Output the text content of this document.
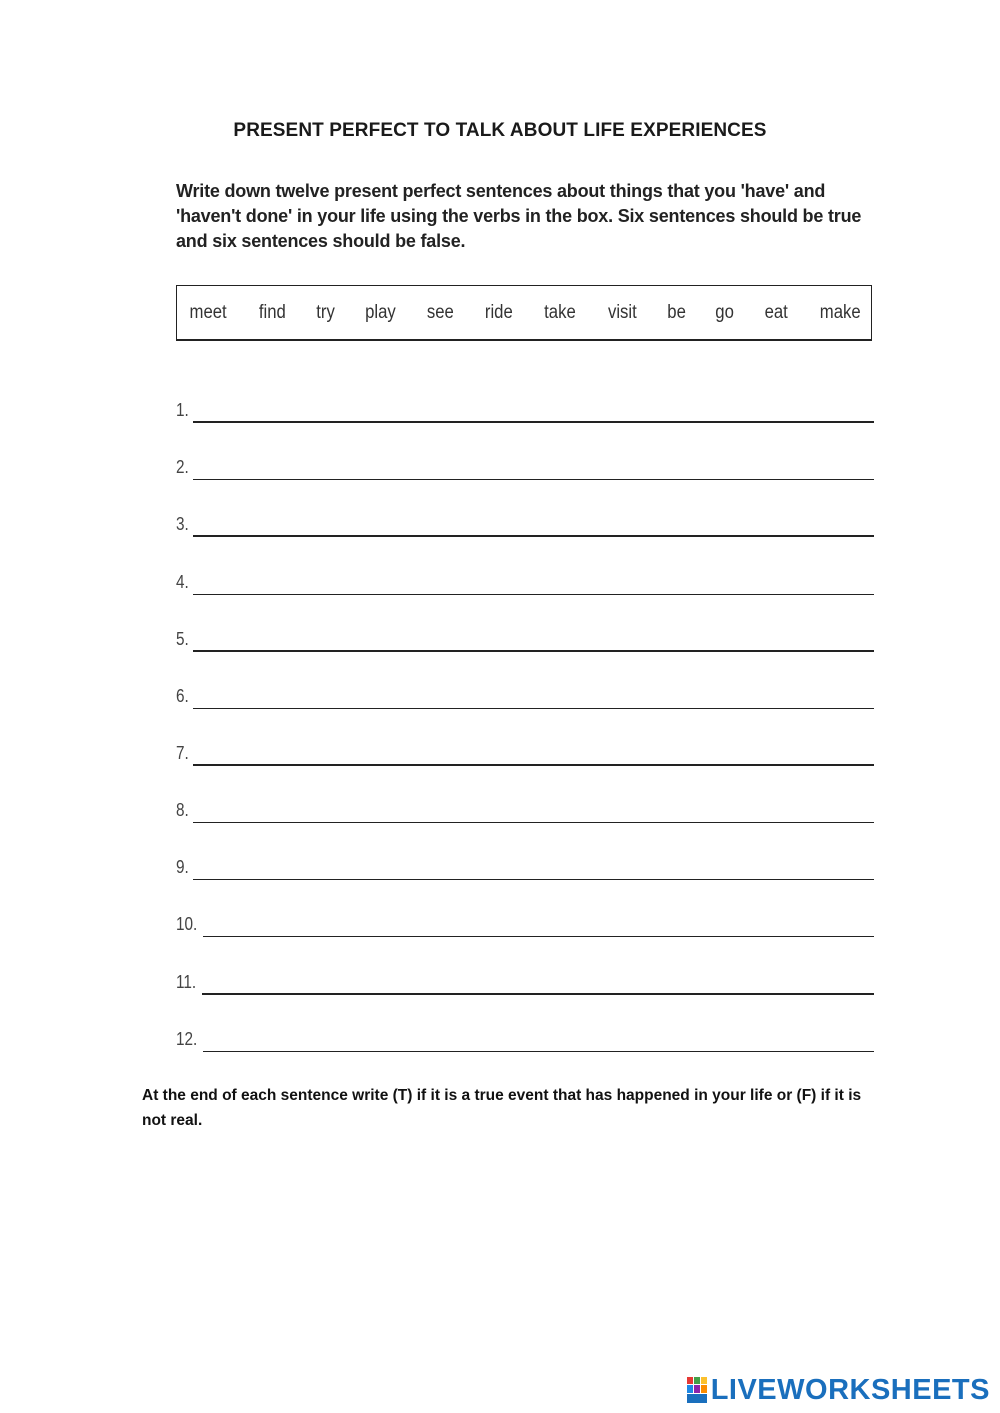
PRESENT PERFECT TO TALK ABOUT LIFE EXPERIENCES
Write down twelve present perfect sentences about things that you 'have' and 'haven't done' in your life using the verbs in the box. Six sentences should be true and six sentences should be false.
meet find try play see ride take visit be go eat make
1.
2.
3.
4.
5.
6.
7.
8.
9.
10.
11.
12.
At the end of each sentence write (T) if it is a true event that has happened in your life or (F) if it is not real.
LIVEWORKSHEETS
